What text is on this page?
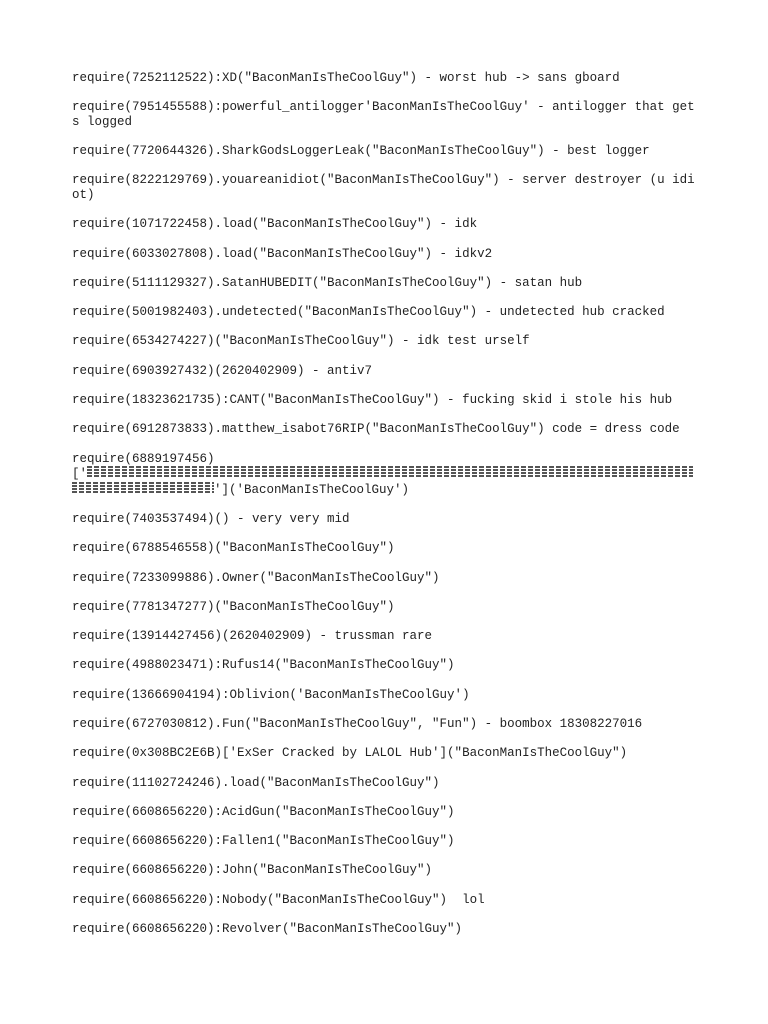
require(7252112522):XD("BaconManIsTheCoolGuy") - worst hub -> sans gboard
require(7951455588):powerful_antilogger'BaconManIsTheCoolGuy' - antilogger that gets logged
require(7720644326).SharkGodsLoggerLeak("BaconManIsTheCoolGuy") - best logger
require(8222129769).youareanidiot("BaconManIsTheCoolGuy") - server destroyer (u idiot)
require(1071722458).load("BaconManIsTheCoolGuy") - idk
require(6033027808).load("BaconManIsTheCoolGuy") - idkv2
require(5111129327).SatanHUBEDIT("BaconManIsTheCoolGuy") - satan hub
require(5001982403).undetected("BaconManIsTheCoolGuy") - undetected hub cracked
require(6534274227)("BaconManIsTheCoolGuy") - idk test urself
require(6903927432)(2620402909) - antiv7
require(18323621735):CANT("BaconManIsTheCoolGuy") - fucking skid i stole his hub
require(6912873833).matthew_isabot76RIP("BaconManIsTheCoolGuy") code = dress code
require(6889197456)
['']('BaconManIsTheCoolGuy')
require(7403537494)() - very very mid
require(6788546558)("BaconManIsTheCoolGuy")
require(7233099886).Owner("BaconManIsTheCoolGuy")
require(7781347277)("BaconManIsTheCoolGuy")
require(13914427456)(2620402909) - trussman rare
require(4988023471):Rufus14("BaconManIsTheCoolGuy")
require(13666904194):Oblivion('BaconManIsTheCoolGuy')
require(6727030812).Fun("BaconManIsTheCoolGuy", "Fun") - boombox 18308227016
require(0x308BC2E6B)['ExSer Cracked by LALOL Hub']("BaconManIsTheCoolGuy")
require(11102724246).load("BaconManIsTheCoolGuy")
require(6608656220):AcidGun("BaconManIsTheCoolGuy")
require(6608656220):Fallen1("BaconManIsTheCoolGuy")
require(6608656220):John("BaconManIsTheCoolGuy")
require(6608656220):Nobody("BaconManIsTheCoolGuy")  lol
require(6608656220):Revolver("BaconManIsTheCoolGuy")
